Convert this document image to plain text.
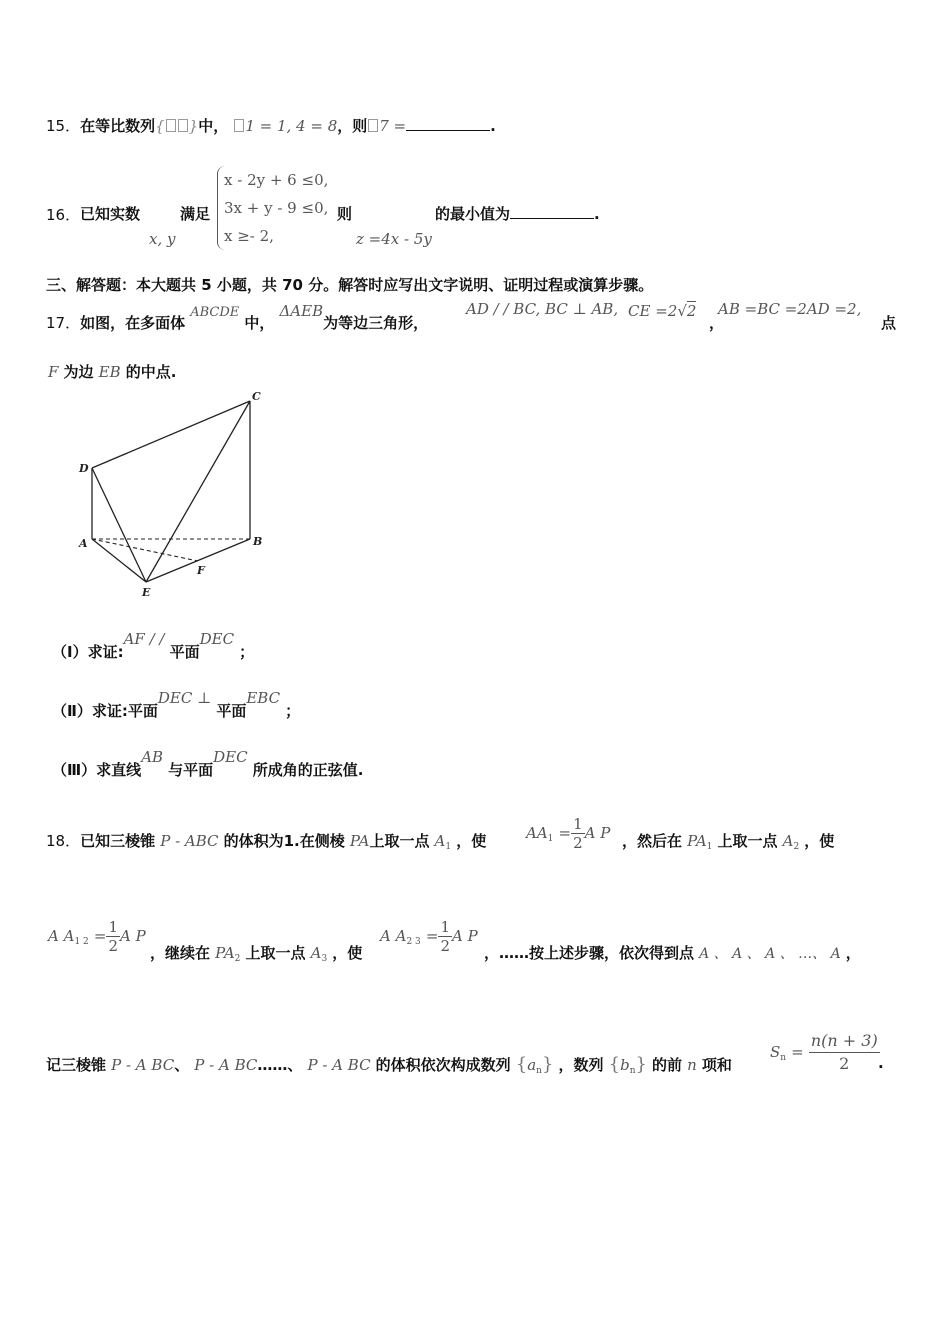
15．在等比数列{ }中， 1 = 1, 4 = 8，则 7 =	.
16． 已知实数
x, y
满足
x - 2y + 6 ≤0,
3x + y - 9 ≤0,
x ≥- 2,
则
z =4x - 5y
的最小值为	.
三、解答题：本大题共 5 小题，共 70 分。解答时应写出文字说明、证明过程或演算步骤。
17．如图，在多面体 ABCDE 中， ΔAEB为等边三角形，
AD / / BC, BC ⊥ AB, CE =2√2
，
AB =BC =2AD =2,
点
F 为边 EB 的中点.
C
D
A	B
F
E
（Ⅰ）求证:AF / / 平面DEC ；
（Ⅱ）求证:平面DEC ⊥ 平面EBC ；
（Ⅲ）求直线AB 与平面DEC 所成角的正弦值.
18．已知三棱锥 P - ABC 的体积为1.在侧棱 PA上取一点 $A_1$ ，使	$AA_1 = \frac{1}{2}$ A P ，然后在 $PA_1$ 上取一点 $A_2$ ，使
A $A_{1 2} = \frac{1}{2}$ A P
，继续在 $PA_2$ 上取一点 $A_3$ ，使
A $A_{2 3} = \frac{1}{2}$ A P
，……按上述步骤，依次得到点 A 、 A 、 A 、 …、 A ，
记三棱锥 P - A BC、 P - A BC……、 P - A BC 的体积依次构成数列 $\{a_n\}$ ，数列 $\{b_n\}$ 的前 n 项和
$S_n = \frac{n(n + 3)}{2}$
.
